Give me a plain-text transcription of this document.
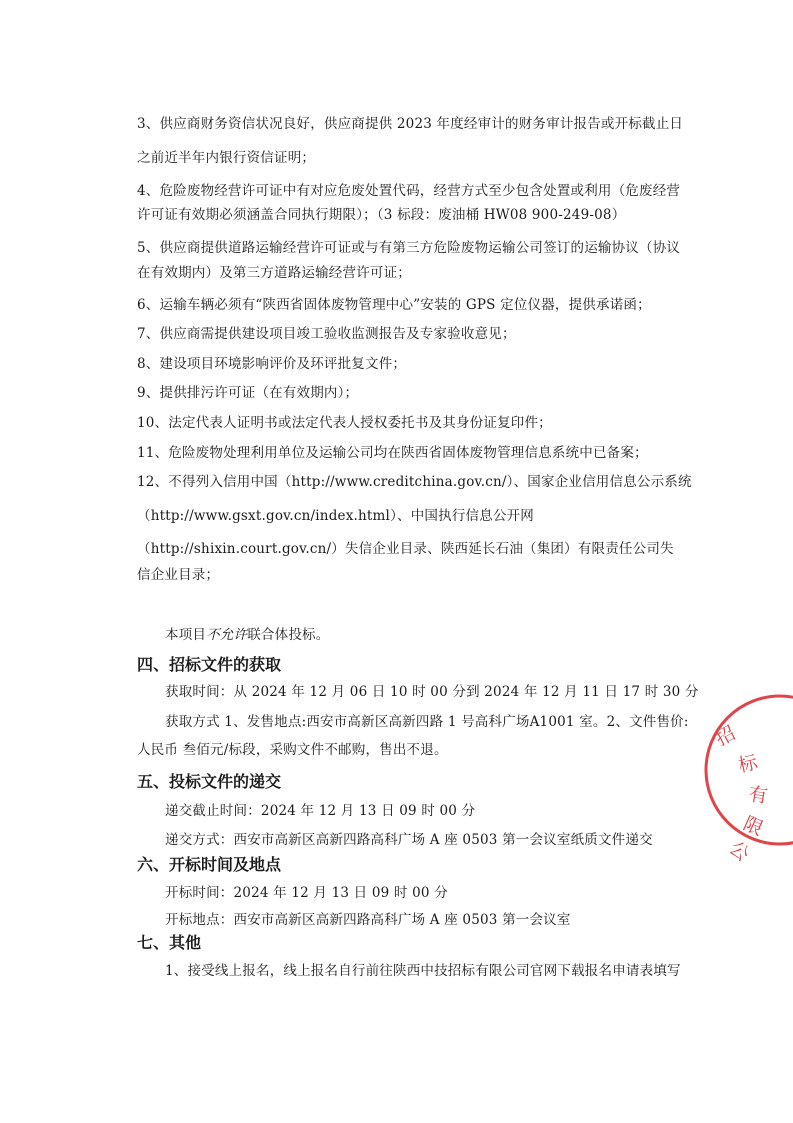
3、供应商财务资信状况良好，供应商提供 2023 年度经审计的财务审计报告或开标截止日
之前近半年内银行资信证明；
4、危险废物经营许可证中有对应危废处置代码，经营方式至少包含处置或利用（危废经营
许可证有效期必须涵盖合同执行期限）；（3 标段：废油桶 HW08 900-249-08）
5、供应商提供道路运输经营许可证或与有第三方危险废物运输公司签订的运输协议（协议
在有效期内）及第三方道路运输经营许可证；
6、运输车辆必须有“陕西省固体废物管理中心”安装的 GPS 定位仪器，提供承诺函；
7、供应商需提供建设项目竣工验收监测报告及专家验收意见；
8、建设项目环境影响评价及环评批复文件；
9、提供排污许可证（在有效期内）；
10、法定代表人证明书或法定代表人授权委托书及其身份证复印件；
11、危险废物处理利用单位及运输公司均在陕西省固体废物管理信息系统中已备案；
12、不得列入信用中国（http://www.creditchina.gov.cn/）、国家企业信用信息公示系统
（http://www.gsxt.gov.cn/index.html）、中国执行信息公开网
（http://shixin.court.gov.cn/）失信企业目录、陕西延长石油（集团）有限责任公司失
信企业目录；
本项目不允许联合体投标。
四、招标文件的获取
获取时间：从 2024 年 12 月 06 日 10 时 00 分到 2024 年 12 月 11 日 17 时 30 分
获取方式 1、发售地点:西安市高新区高新四路 1 号高科广场A1001 室。2、文件售价:
人民币 叁佰元/标段，采购文件不邮购，售出不退。
五、投标文件的递交
递交截止时间：2024 年 12 月 13 日 09 时 00 分
递交方式：西安市高新区高新四路高科广场 A 座 0503 第一会议室纸质文件递交
六、开标时间及地点
开标时间：2024 年 12 月 13 日 09 时 00 分
开标地点：西安市高新区高新四路高科广场 A 座 0503 第一会议室
七、其他
1、接受线上报名，线上报名自行前往陕西中技招标有限公司官网下载报名申请表填写
招
标
有
限
公
